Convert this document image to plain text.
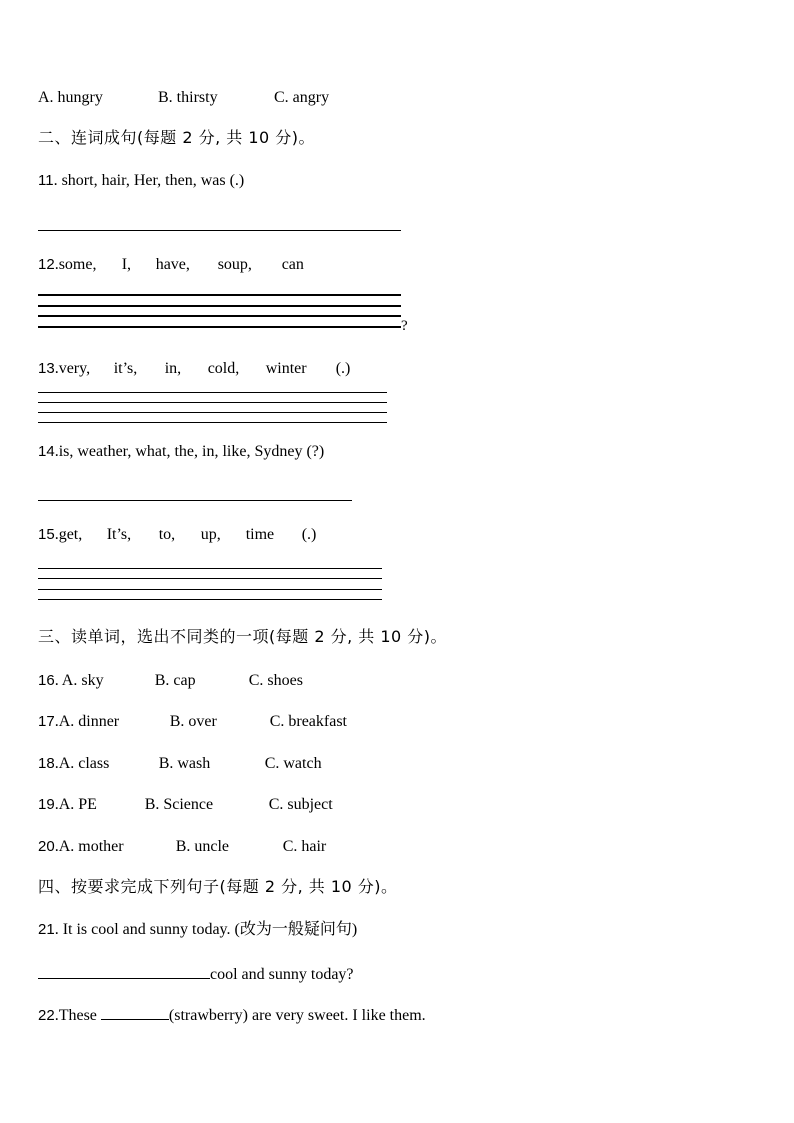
A. hungry	B. thirsty	C. angry
二、连词成句(每题 2 分, 共 10 分)。
11. short, hair, Her, then, was (.)
12.some, I, have, soup, can
?
13.very, it’s, in, cold, winter (.)
14.is, weather, what, the, in, like, Sydney (?)
15.get, It’s, to, up, time (.)
三、读单词，选出不同类的一项(每题 2 分, 共 10 分)。
16. A. sky	B. cap	C. shoes
17.A. dinner	B. over	C. breakfast
18.A. class	B. wash	C. watch
19.A. PE	B. Science	C. subject
20.A. mother	B. uncle	C. hair
四、按要求完成下列句子(每题 2 分, 共 10 分)。
21. It is cool and sunny today. (改为一般疑问句)
cool and sunny today?
22.These	(strawberry) are very sweet. I like them.
